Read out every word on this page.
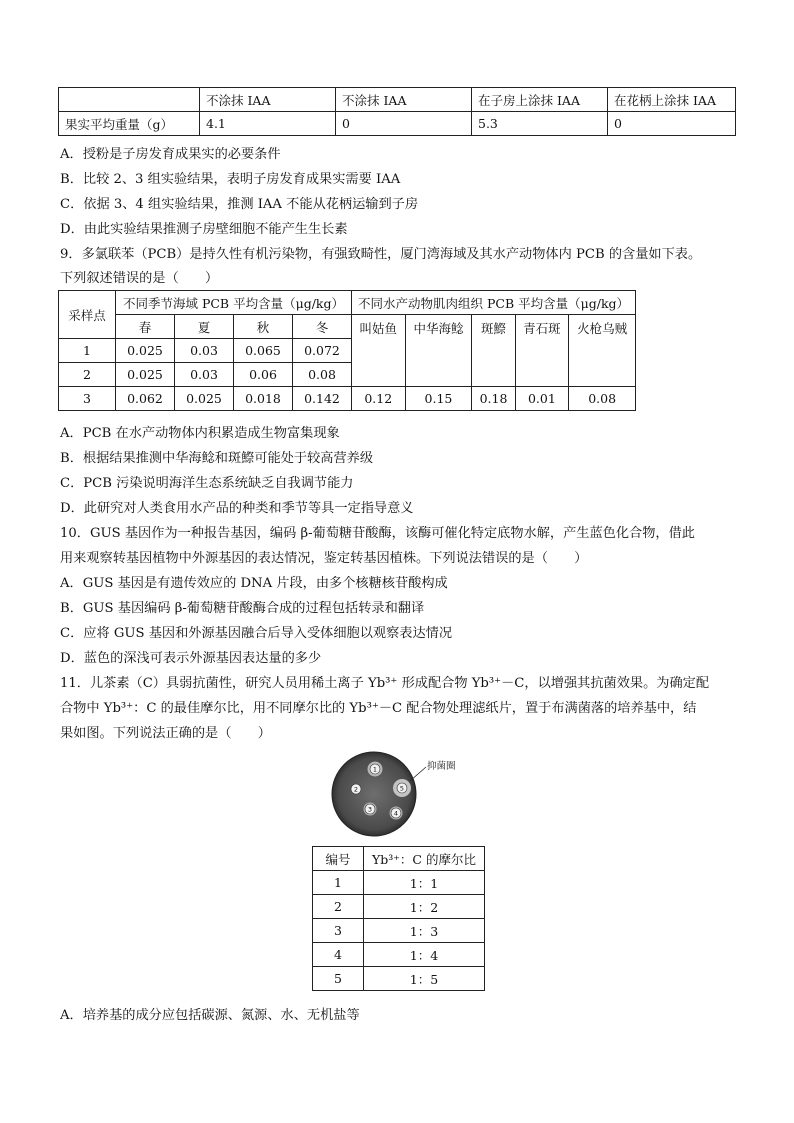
	不涂抹 IAA	不涂抹 IAA	在子房上涂抹 IAA	在花柄上涂抹 IAA
果实平均重量（g）	4.1	0	5.3	0
A．授粉是子房发育成果实的必要条件
B．比较 2、3 组实验结果，表明子房发育成果实需要 IAA
C．依据 3、4 组实验结果，推测 IAA 不能从花柄运输到子房
D．由此实验结果推测子房壁细胞不能产生生长素
9．多氯联苯（PCB）是持久性有机污染物，有强致畸性，厦门湾海域及其水产动物体内 PCB 的含量如下表。
下列叙述错误的是（　　）
采样点	不同季节海域 PCB 平均含量（μg/kg）				不同水产动物肌肉组织 PCB 平均含量（μg/kg）				
	春	夏	秋	冬	叫姑鱼	中华海鲶	斑鰶	青石斑	火枪乌贼
1	0.025	0.03	0.065	0.072					
2	0.025	0.03	0.06	0.08					
3	0.062	0.025	0.018	0.142	0.12	0.15	0.18	0.01	0.08
A．PCB 在水产动物体内积累造成生物富集现象
B．根据结果推测中华海鲶和斑鰶可能处于较高营养级
C．PCB 污染说明海洋生态系统缺乏自我调节能力
D．此研究对人类食用水产品的种类和季节等具一定指导意义
10．GUS 基因作为一种报告基因，编码 β-葡萄糖苷酸酶，该酶可催化特定底物水解，产生蓝色化合物，借此
用来观察转基因植物中外源基因的表达情况，鉴定转基因植株。下列说法错误的是（　　）
A．GUS 基因是有遗传效应的 DNA 片段，由多个核糖核苷酸构成
B．GUS 基因编码 β-葡萄糖苷酸酶合成的过程包括转录和翻译
C．应将 GUS 基因和外源基因融合后导入受体细胞以观察表达情况
D．蓝色的深浅可表示外源基因表达量的多少
11．儿茶素（C）具弱抗菌性，研究人员用稀土离子 Yb³⁺ 形成配合物 Yb³⁺－C，以增强其抗菌效果。为确定配
合物中 Yb³⁺：C 的最佳摩尔比，用不同摩尔比的 Yb³⁺－C 配合物处理滤纸片，置于布满菌落的培养基中，结
果如图。下列说法正确的是（　　）
1
2
3	4
5
抑菌圈
编号	Yb³⁺：C 的摩尔比
1	1：1
2	1：2
3	1：3
4	1：4
5	1：5
A．培养基的成分应包括碳源、氮源、水、无机盐等
